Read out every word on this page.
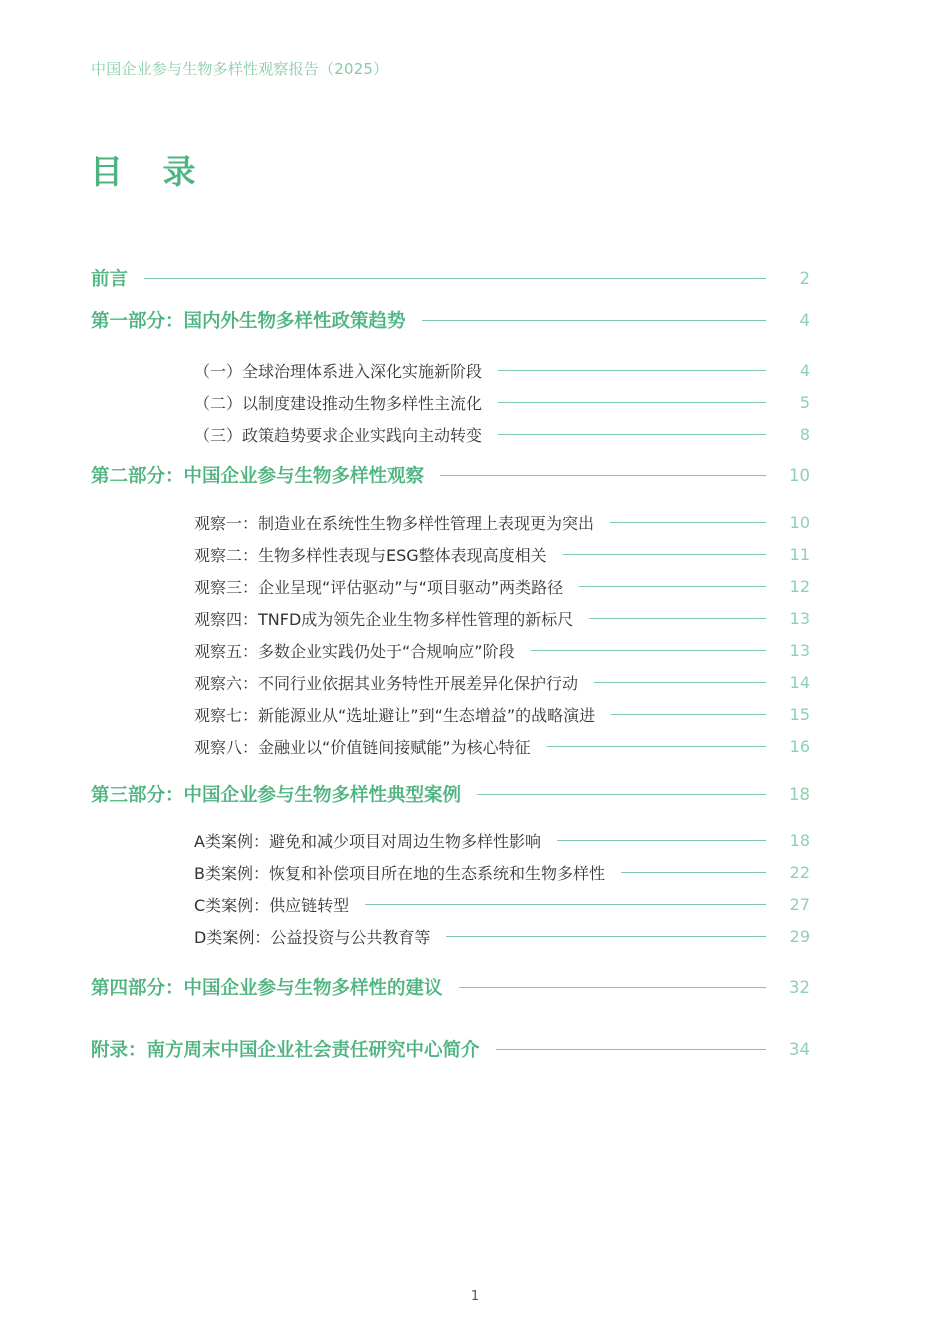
中国企业参与生物多样性观察报告（2025）
目 录
前言	2
第一部分：国内外生物多样性政策趋势	4
（一）全球治理体系进入深化实施新阶段	4
（二）以制度建设推动生物多样性主流化	5
（三）政策趋势要求企业实践向主动转变	8
第二部分：中国企业参与生物多样性观察	10
观察一：制造业在系统性生物多样性管理上表现更为突出	10
观察二：生物多样性表现与ESG整体表现高度相关	11
观察三：企业呈现“评估驱动”与“项目驱动”两类路径	12
观察四：TNFD成为领先企业生物多样性管理的新标尺	13
观察五：多数企业实践仍处于“合规响应”阶段	13
观察六：不同行业依据其业务特性开展差异化保护行动	14
观察七：新能源业从“选址避让”到“生态增益”的战略演进	15
观察八：金融业以“价值链间接赋能”为核心特征	16
第三部分：中国企业参与生物多样性典型案例	18
A类案例：避免和减少项目对周边生物多样性影响	18
B类案例：恢复和补偿项目所在地的生态系统和生物多样性	22
C类案例：供应链转型	27
D类案例：公益投资与公共教育等	29
第四部分：中国企业参与生物多样性的建议	32
附录：南方周末中国企业社会责任研究中心简介	34
1
